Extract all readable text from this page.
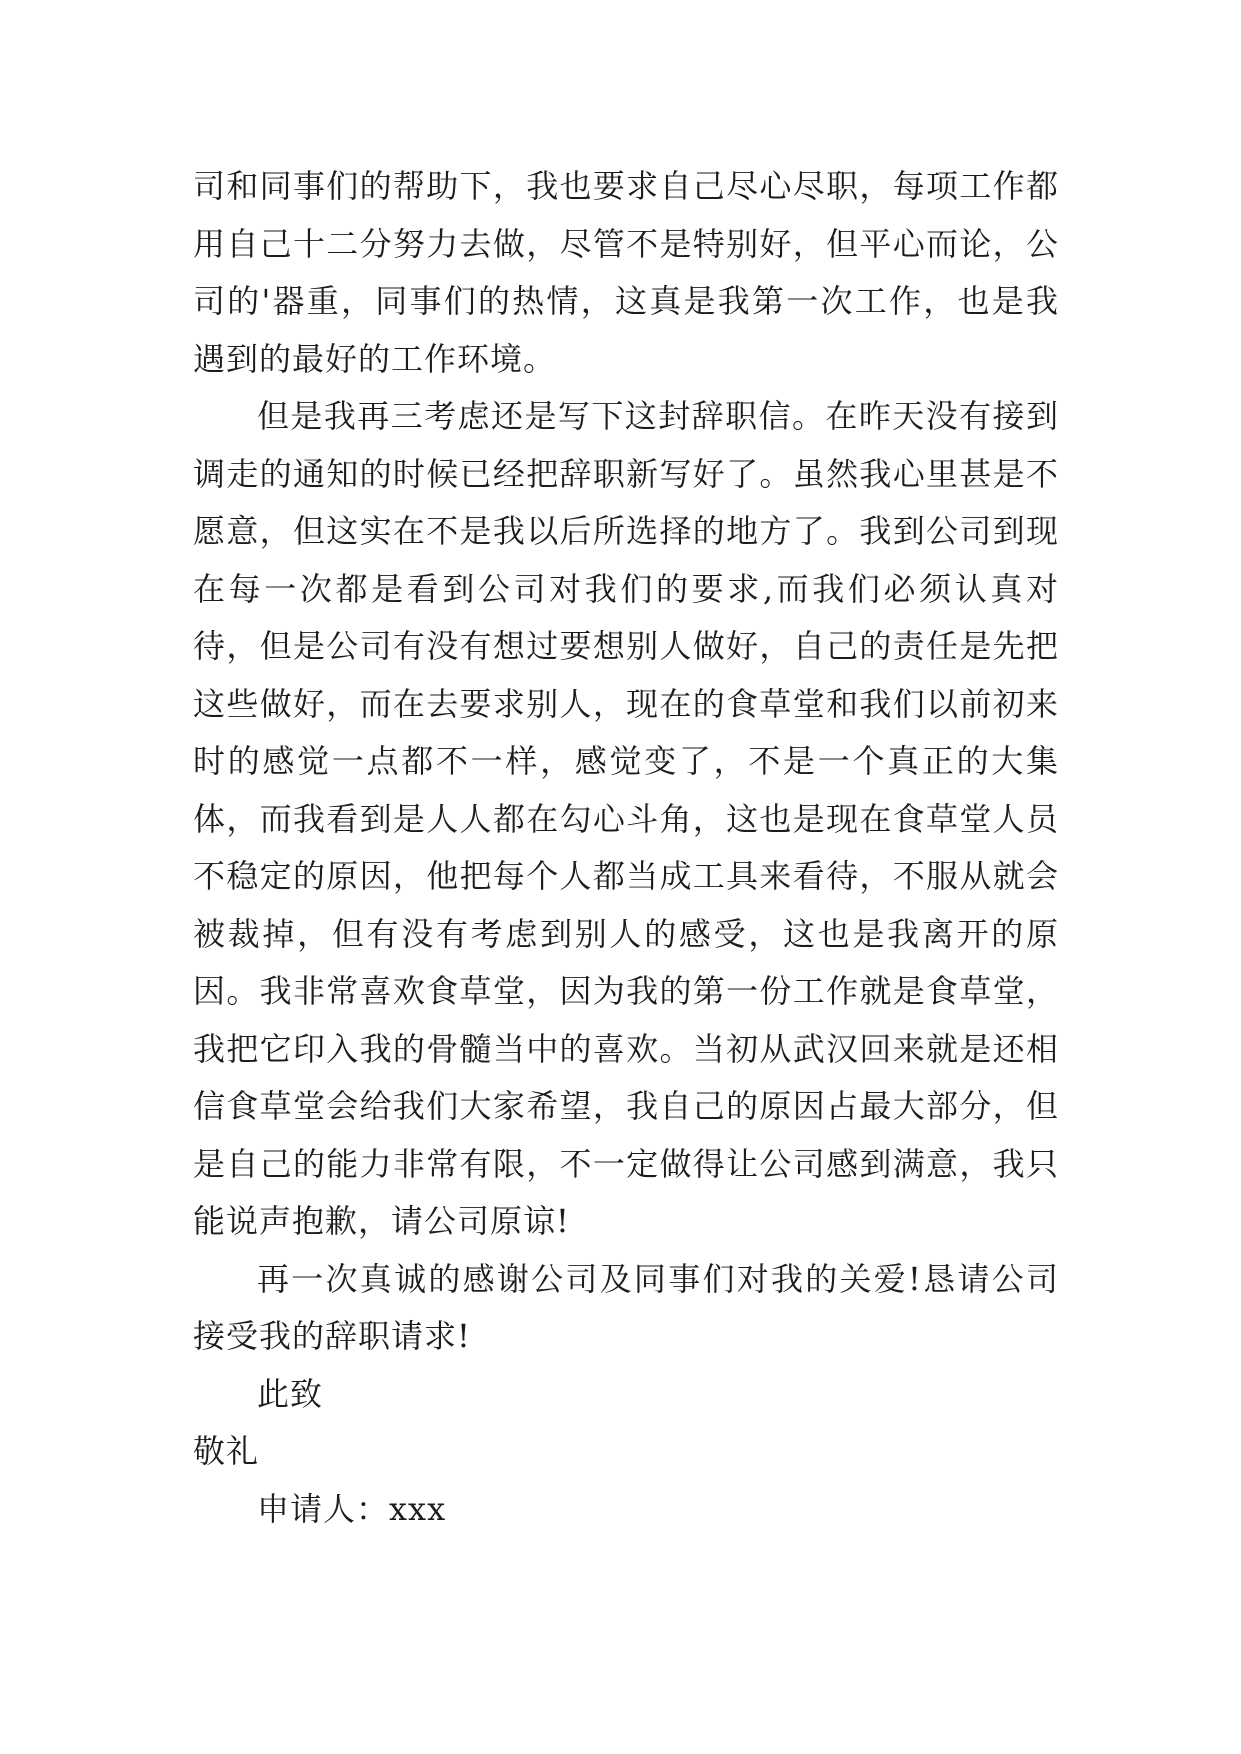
司和同事们的帮助下，我也要求自己尽心尽职，每项工作都用自己十二分努力去做，尽管不是特别好，但平心而论，公司的'器重，同事们的热情，这真是我第一次工作，也是我遇到的最好的工作环境。

但是我再三考虑还是写下这封辞职信。在昨天没有接到调走的通知的时候已经把辞职新写好了。虽然我心里甚是不愿意，但这实在不是我以后所选择的地方了。我到公司到现在每一次都是看到公司对我们的要求,而我们必须认真对待，但是公司有没有想过要想别人做好，自己的责任是先把这些做好，而在去要求别人，现在的食草堂和我们以前初来时的感觉一点都不一样，感觉变了，不是一个真正的大集体，而我看到是人人都在勾心斗角，这也是现在食草堂人员不稳定的原因，他把每个人都当成工具来看待，不服从就会被裁掉，但有没有考虑到别人的感受，这也是我离开的原因。我非常喜欢食草堂，因为我的第一份工作就是食草堂，我把它印入我的骨髓当中的喜欢。当初从武汉回来就是还相信食草堂会给我们大家希望，我自己的原因占最大部分，但是自己的能力非常有限，不一定做得让公司感到满意，我只能说声抱歉，请公司原谅!

再一次真诚的感谢公司及同事们对我的关爱!恳请公司接受我的辞职请求!

此致

敬礼

申请人：xxx
